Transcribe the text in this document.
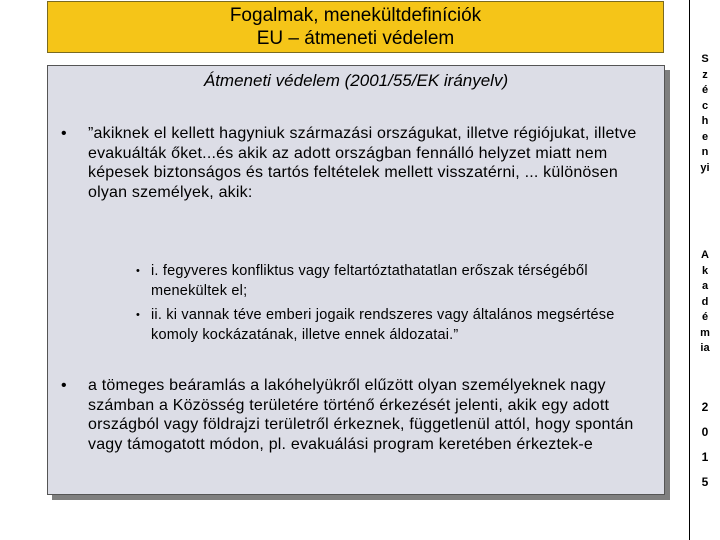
Fogalmak, menekültdefiníciók
EU – átmeneti védelem
Átmeneti védelem (2001/55/EK irányelv)
• ”akiknek el kellett hagyniuk származási országukat, illetve régiójukat, illetve evakuálták őket...és akik az adott országban fennálló helyzet miatt nem képesek biztonságos és tartós feltételek mellett visszatérni, ... különösen olyan személyek, akik:
• i. fegyveres konfliktus vagy feltartóztathatatlan erőszak térségéből menekültek el;
• ii. ki vannak téve emberi jogaik rendszeres vagy általános megsértése komoly kockázatának, illetve ennek áldozatai.”
• a tömeges beáramlás a lakóhelyükről elűzött olyan személyeknek nagy számban a Közösség területére történő érkezését jelenti, akik egy adott országból vagy földrajzi területről érkeznek, függetlenül attól, hogy spontán vagy támogatott módon, pl. evakuálási program keretében érkeztek-e
S
z
é
c
h
e
n
yi
A
k
a
d
é
m
ia
2
0
1
5
